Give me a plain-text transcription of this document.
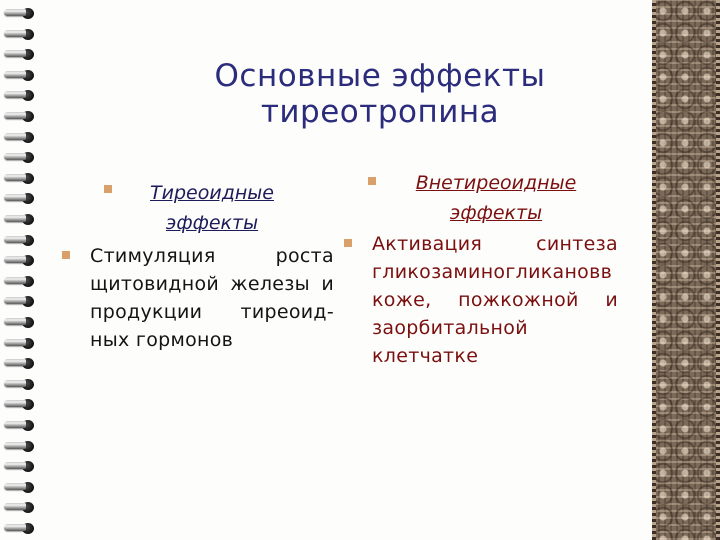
Основные эффекты тиреотропина
Тиреоидные эффекты
Стимуляция роста щитовидной железы и продукции тиреоид-ных гормонов
Внетиреоидные эффекты
Активация синтеза гликозаминогликановв коже, пожкожной и заорбитальной клетчатке
